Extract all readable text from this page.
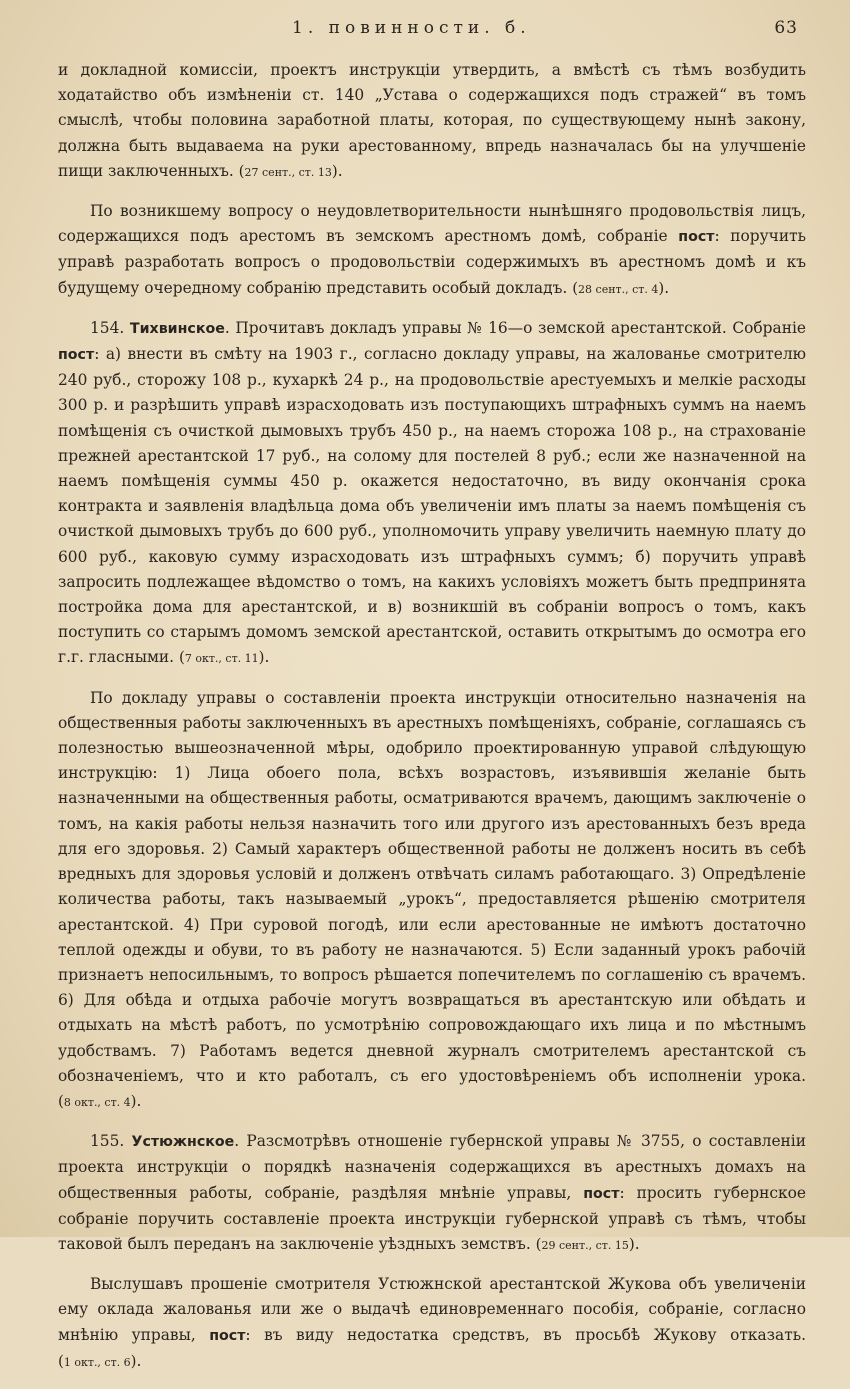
1. повинности. б.	63

и докладной комиссiи, проектъ инструкцiи утвердить, а вмѣстѣ съ тѣмъ возбудить ходатайство объ измѣненiи ст. 140 „Устава о содержащихся подъ стражей“ въ томъ смыслѣ, чтобы половина заработной платы, которая, по существующему нынѣ закону, должна быть выдаваема на руки арестованному, впредь назначалась бы на улучшенiе пищи заключенныхъ. (27 сент., ст. 13).

По возникшему вопросу о неудовлетворительности нынѣшняго продовольствiя лицъ, содержащихся подъ арестомъ въ земскомъ арестномъ домѣ, собранiе пост: поручить управѣ разработать вопросъ о продовольствiи содержимыхъ въ арестномъ домѣ и къ будущему очередному собранiю представить особый докладъ. (28 сент., ст. 4).

154. Тихвинское. Прочитавъ докладъ управы № 16—о земской арестантской. Собранiе пост: а) внести въ смѣту на 1903 г., согласно докладу управы, на жалованье смотрителю 240 руб., сторожу 108 р., кухаркѣ 24 р., на продовольствiе арестуемыхъ и мелкiе расходы 300 р. и разрѣшить управѣ израсходовать изъ поступающихъ штрафныхъ суммъ на наемъ помѣщенiя съ очисткой дымовыхъ трубъ 450 р., на наемъ сторожа 108 р., на страхованiе прежней арестантской 17 руб., на солому для постелей 8 руб.; если же назначенной на наемъ помѣщенiя суммы 450 р. окажется недостаточно, въ виду окончанiя срока контракта и заявленiя владѣльца дома объ увеличенiи имъ платы за наемъ помѣщенiя съ очисткой дымовыхъ трубъ до 600 руб., уполномочить управу увеличить наемную плату до 600 руб., каковую сумму израсходовать изъ штрафныхъ суммъ; б) поручить управѣ запросить подлежащее вѣдомство о томъ, на какихъ условiяхъ можетъ быть предпринята постройка дома для арестантской, и в) возникшiй въ собранiи вопросъ о томъ, какъ поступить со старымъ домомъ земской арестантской, оставить открытымъ до осмотра его г.г. гласными. (7 окт., ст. 11).

По докладу управы о составленiи проекта инструкцiи относительно назначенiя на общественныя работы заключенныхъ въ арестныхъ помѣщенiяхъ, собранiе, соглашаясь съ полезностью вышеозначенной мѣры, одобрило проектированную управой слѣдующую инструкцiю: 1) Лица обоего пола, всѣхъ возрастовъ, изъявившiя желанiе быть назначенными на общественныя работы, осматриваются врачемъ, дающимъ заключенiе о томъ, на какiя работы нельзя назначить того или другого изъ арестованныхъ безъ вреда для его здоровья. 2) Самый характеръ общественной работы не долженъ носить въ себѣ вредныхъ для здоровья условiй и долженъ отвѣчать силамъ работающаго. 3) Опредѣленiе количества работы, такъ называемый „урокъ“, предоставляется рѣшенiю смотрителя арестантской. 4) При суровой погодѣ, или если арестованные не имѣютъ достаточно теплой одежды и обуви, то въ работу не назначаются. 5) Если заданный урокъ рабочiй признаетъ непосильнымъ, то вопросъ рѣшается попечителемъ по соглашенiю съ врачемъ. 6) Для обѣда и отдыха рабочiе могутъ возвращаться въ арестантскую или обѣдать и отдыхать на мѣстѣ работъ, по усмотрѣнiю сопровождающаго ихъ лица и по мѣстнымъ удобствамъ. 7) Работамъ ведется дневной журналъ смотрителемъ арестантской съ обозначенiемъ, что и кто работалъ, съ его удостовѣренiемъ объ исполненiи урока. (8 окт., ст. 4).

155. Устюжнское. Разсмотрѣвъ отношенiе губернской управы № 3755, о составленiи проекта инструкцiи о порядкѣ назначенiя содержащихся въ арестныхъ домахъ на общественныя работы, собранiе, раздѣляя мнѣнiе управы, пост: просить губернское собранiе поручить составленiе проекта инструкцiи губернской управѣ съ тѣмъ, чтобы таковой былъ переданъ на заключенiе уѣздныхъ земствъ. (29 сент., ст. 15).

Выслушавъ прошенiе смотрителя Устюжнской арестантской Жукова объ увеличенiи ему оклада жалованья или же о выдачѣ единовременнаго пособiя, собранiе, согласно мнѣнiю управы, пост: въ виду недостатка средствъ, въ просьбѣ Жукову отказать. (1 окт., ст. 6).
